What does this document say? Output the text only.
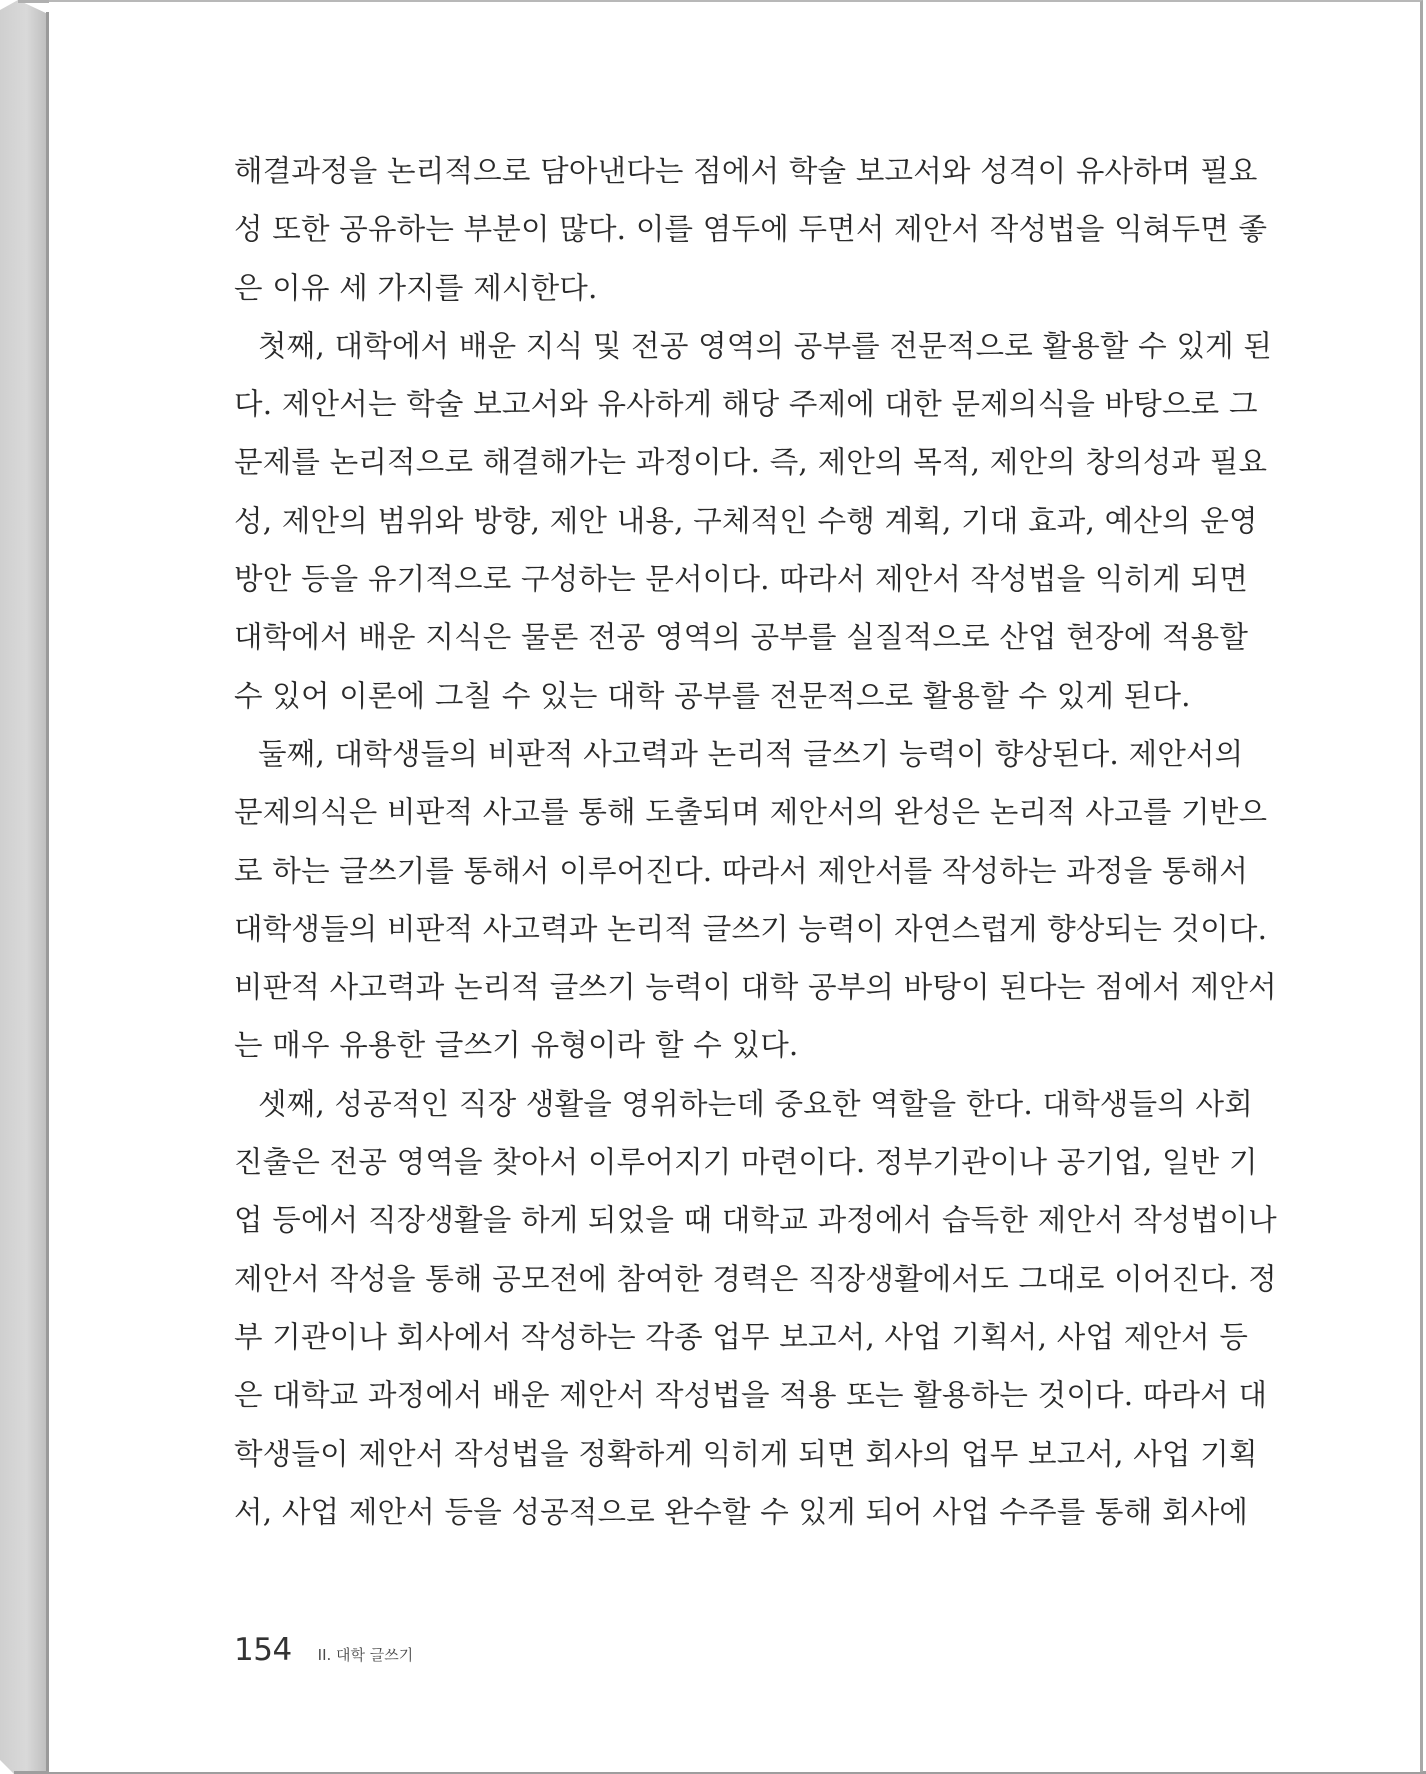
해결과정을 논리적으로 담아낸다는 점에서 학술 보고서와 성격이 유사하며 필요
성 또한 공유하는 부분이 많다. 이를 염두에 두면서 제안서 작성법을 익혀두면 좋
은 이유 세 가지를 제시한다.
첫째, 대학에서 배운 지식 및 전공 영역의 공부를 전문적으로 활용할 수 있게 된
다. 제안서는 학술 보고서와 유사하게 해당 주제에 대한 문제의식을 바탕으로 그
문제를 논리적으로 해결해가는 과정이다. 즉, 제안의 목적, 제안의 창의성과 필요
성, 제안의 범위와 방향, 제안 내용, 구체적인 수행 계획, 기대 효과, 예산의 운영
방안 등을 유기적으로 구성하는 문서이다. 따라서 제안서 작성법을 익히게 되면
대학에서 배운 지식은 물론 전공 영역의 공부를 실질적으로 산업 현장에 적용할
수 있어 이론에 그칠 수 있는 대학 공부를 전문적으로 활용할 수 있게 된다.
둘째, 대학생들의 비판적 사고력과 논리적 글쓰기 능력이 향상된다. 제안서의
문제의식은 비판적 사고를 통해 도출되며 제안서의 완성은 논리적 사고를 기반으
로 하는 글쓰기를 통해서 이루어진다. 따라서 제안서를 작성하는 과정을 통해서
대학생들의 비판적 사고력과 논리적 글쓰기 능력이 자연스럽게 향상되는 것이다.
비판적 사고력과 논리적 글쓰기 능력이 대학 공부의 바탕이 된다는 점에서 제안서
는 매우 유용한 글쓰기 유형이라 할 수 있다.
셋째, 성공적인 직장 생활을 영위하는데 중요한 역할을 한다. 대학생들의 사회
진출은 전공 영역을 찾아서 이루어지기 마련이다. 정부기관이나 공기업, 일반 기
업 등에서 직장생활을 하게 되었을 때 대학교 과정에서 습득한 제안서 작성법이나
제안서 작성을 통해 공모전에 참여한 경력은 직장생활에서도 그대로 이어진다. 정
부 기관이나 회사에서 작성하는 각종 업무 보고서, 사업 기획서, 사업 제안서 등
은 대학교 과정에서 배운 제안서 작성법을 적용 또는 활용하는 것이다. 따라서 대
학생들이 제안서 작성법을 정확하게 익히게 되면 회사의 업무 보고서, 사업 기획
서, 사업 제안서 등을 성공적으로 완수할 수 있게 되어 사업 수주를 통해 회사에
154 II. 대학 글쓰기
